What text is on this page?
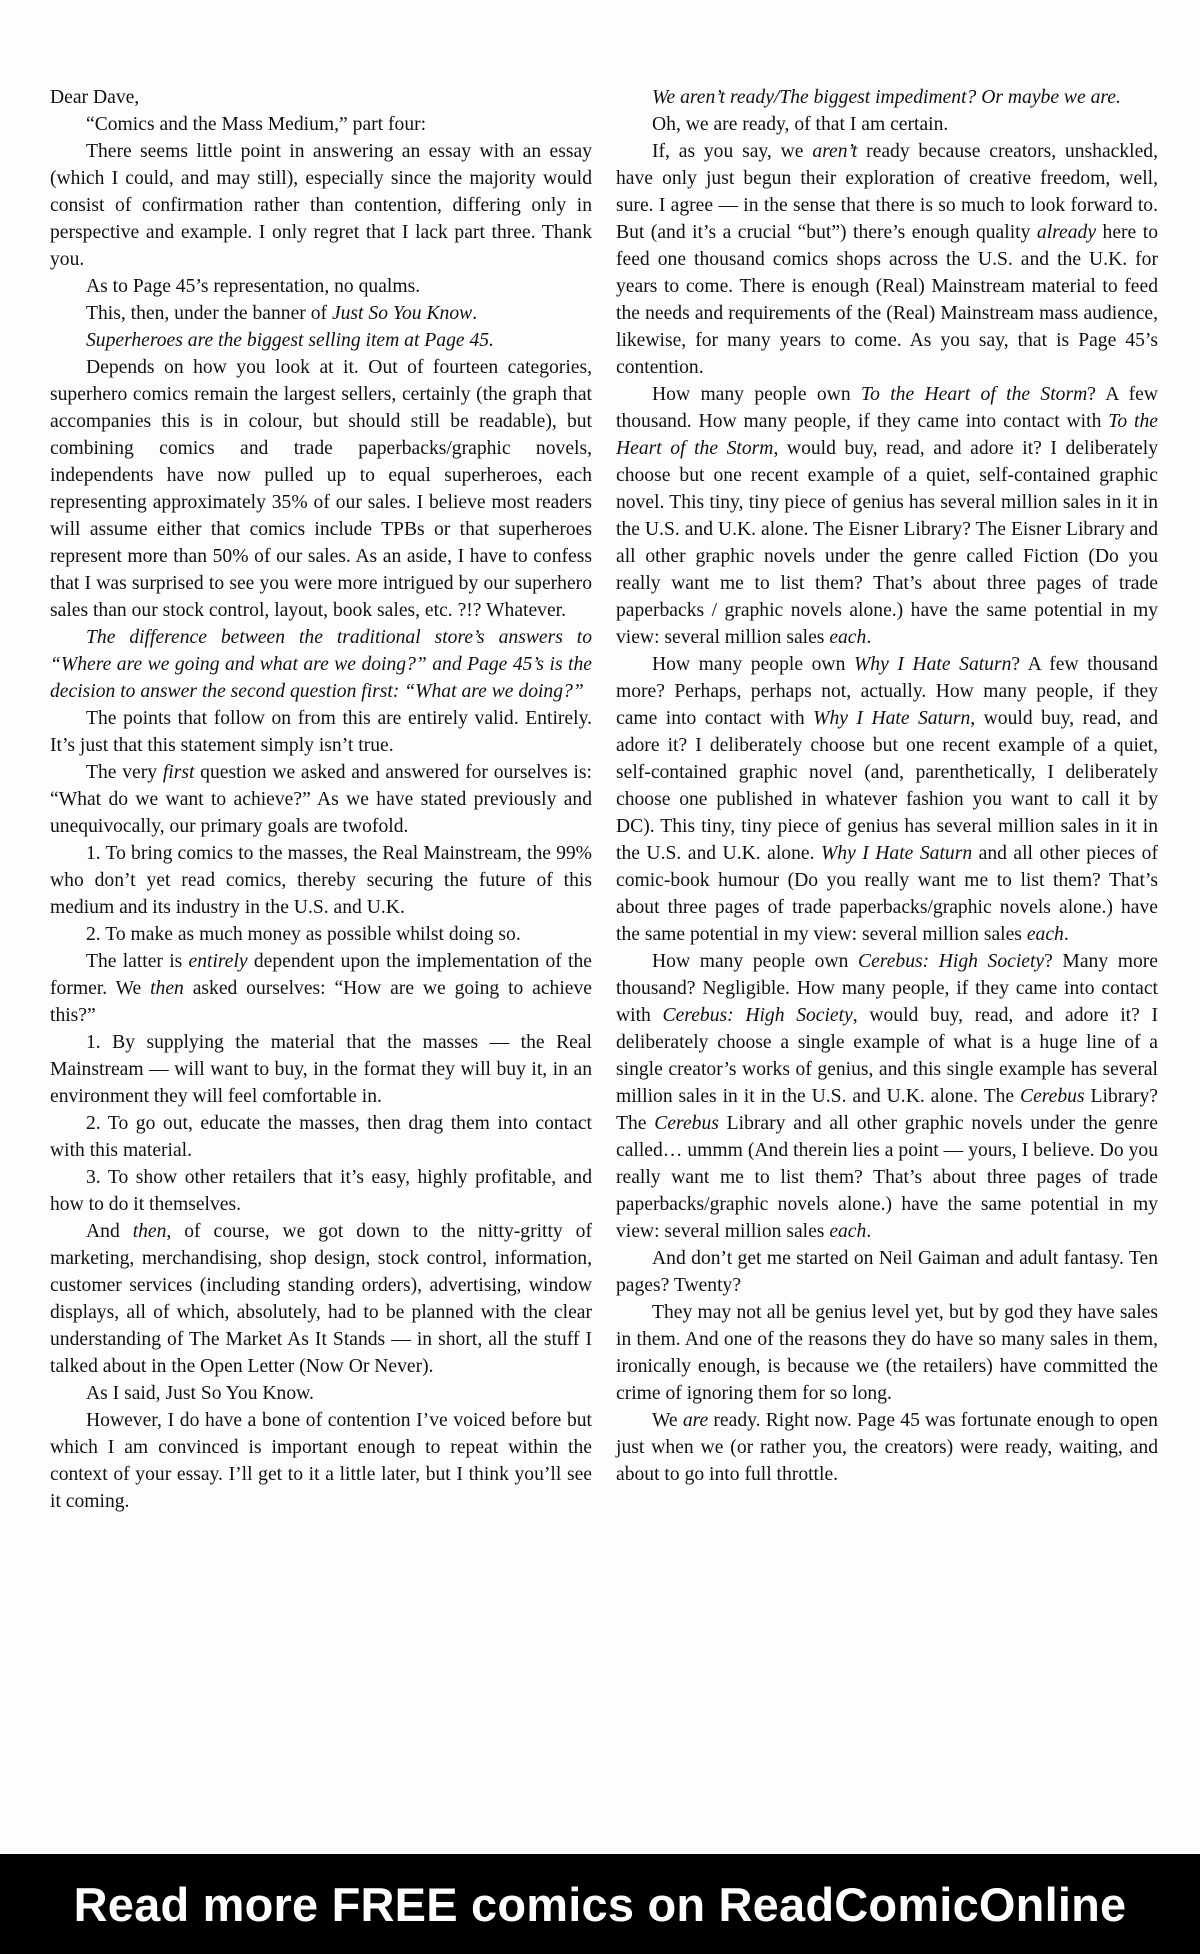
Dear Dave,

“Comics and the Mass Medium,” part four:

There seems little point in answering an essay with an essay (which I could, and may still), especially since the majority would consist of confirmation rather than contention, differing only in perspective and example. I only regret that I lack part three. Thank you.

As to Page 45’s representation, no qualms.

This, then, under the banner of Just So You Know.

Superheroes are the biggest selling item at Page 45.

Depends on how you look at it. Out of fourteen categories, superhero comics remain the largest sellers, certainly (the graph that accompanies this is in colour, but should still be readable), but combining comics and trade paperbacks/graphic novels, independents have now pulled up to equal superheroes, each representing approximately 35% of our sales. I believe most readers will assume either that comics include TPBs or that superheroes represent more than 50% of our sales. As an aside, I have to confess that I was surprised to see you were more intrigued by our superhero sales than our stock control, layout, book sales, etc. ?!? Whatever.

The difference between the traditional store’s answers to “Where are we going and what are we doing?” and Page 45’s is the decision to answer the second question first: “What are we doing?”

The points that follow on from this are entirely valid. Entirely. It’s just that this statement simply isn’t true.

The very first question we asked and answered for ourselves is: “What do we want to achieve?” As we have stated previously and unequivocally, our primary goals are twofold.

1. To bring comics to the masses, the Real Mainstream, the 99% who don’t yet read comics, thereby securing the future of this medium and its industry in the U.S. and U.K.

2. To make as much money as possible whilst doing so.

The latter is entirely dependent upon the implementation of the former. We then asked ourselves: “How are we going to achieve this?”

1. By supplying the material that the masses — the Real Mainstream — will want to buy, in the format they will buy it, in an environment they will feel comfortable in.

2. To go out, educate the masses, then drag them into contact with this material.

3. To show other retailers that it’s easy, highly profitable, and how to do it themselves.

And then, of course, we got down to the nitty-gritty of marketing, merchandising, shop design, stock control, information, customer services (including standing orders), advertising, window displays, all of which, absolutely, had to be planned with the clear understanding of The Market As It Stands — in short, all the stuff I talked about in the Open Letter (Now Or Never).

As I said, Just So You Know.

However, I do have a bone of contention I’ve voiced before but which I am convinced is important enough to repeat within the context of your essay. I’ll get to it a little later, but I think you’ll see it coming.

We aren’t ready/The biggest impediment? Or maybe we are.

Oh, we are ready, of that I am certain.

If, as you say, we aren’t ready because creators, unshackled, have only just begun their exploration of creative freedom, well, sure. I agree — in the sense that there is so much to look forward to. But (and it’s a crucial “but”) there’s enough quality already here to feed one thousand comics shops across the U.S. and the U.K. for years to come. There is enough (Real) Mainstream material to feed the needs and requirements of the (Real) Mainstream mass audience, likewise, for many years to come. As you say, that is Page 45’s contention.

How many people own To the Heart of the Storm? A few thousand. How many people, if they came into contact with To the Heart of the Storm, would buy, read, and adore it? I deliberately choose but one recent example of a quiet, self-contained graphic novel. This tiny, tiny piece of genius has several million sales in it in the U.S. and U.K. alone. The Eisner Library? The Eisner Library and all other graphic novels under the genre called Fiction (Do you really want me to list them? That’s about three pages of trade paperbacks / graphic novels alone.) have the same potential in my view: several million sales each.

How many people own Why I Hate Saturn? A few thousand more? Perhaps, perhaps not, actually. How many people, if they came into contact with Why I Hate Saturn, would buy, read, and adore it? I deliberately choose but one recent example of a quiet, self-contained graphic novel (and, parenthetically, I deliberately choose one published in whatever fashion you want to call it by DC). This tiny, tiny piece of genius has several million sales in it in the U.S. and U.K. alone. Why I Hate Saturn and all other pieces of comic-book humour (Do you really want me to list them? That’s about three pages of trade paperbacks/graphic novels alone.) have the same potential in my view: several million sales each.

How many people own Cerebus: High Society? Many more thousand? Negligible. How many people, if they came into contact with Cerebus: High Society, would buy, read, and adore it? I deliberately choose a single example of what is a huge line of a single creator’s works of genius, and this single example has several million sales in it in the U.S. and U.K. alone. The Cerebus Library? The Cerebus Library and all other graphic novels under the genre called… ummm (And therein lies a point — yours, I believe. Do you really want me to list them? That’s about three pages of trade paperbacks/graphic novels alone.) have the same potential in my view: several million sales each.

And don’t get me started on Neil Gaiman and adult fantasy. Ten pages? Twenty?

They may not all be genius level yet, but by god they have sales in them. And one of the reasons they do have so many sales in them, ironically enough, is because we (the retailers) have committed the crime of ignoring them for so long.

We are ready. Right now. Page 45 was fortunate enough to open just when we (or rather you, the creators) were ready, waiting, and about to go into full throttle.

Read more FREE comics on ReadComicOnline
